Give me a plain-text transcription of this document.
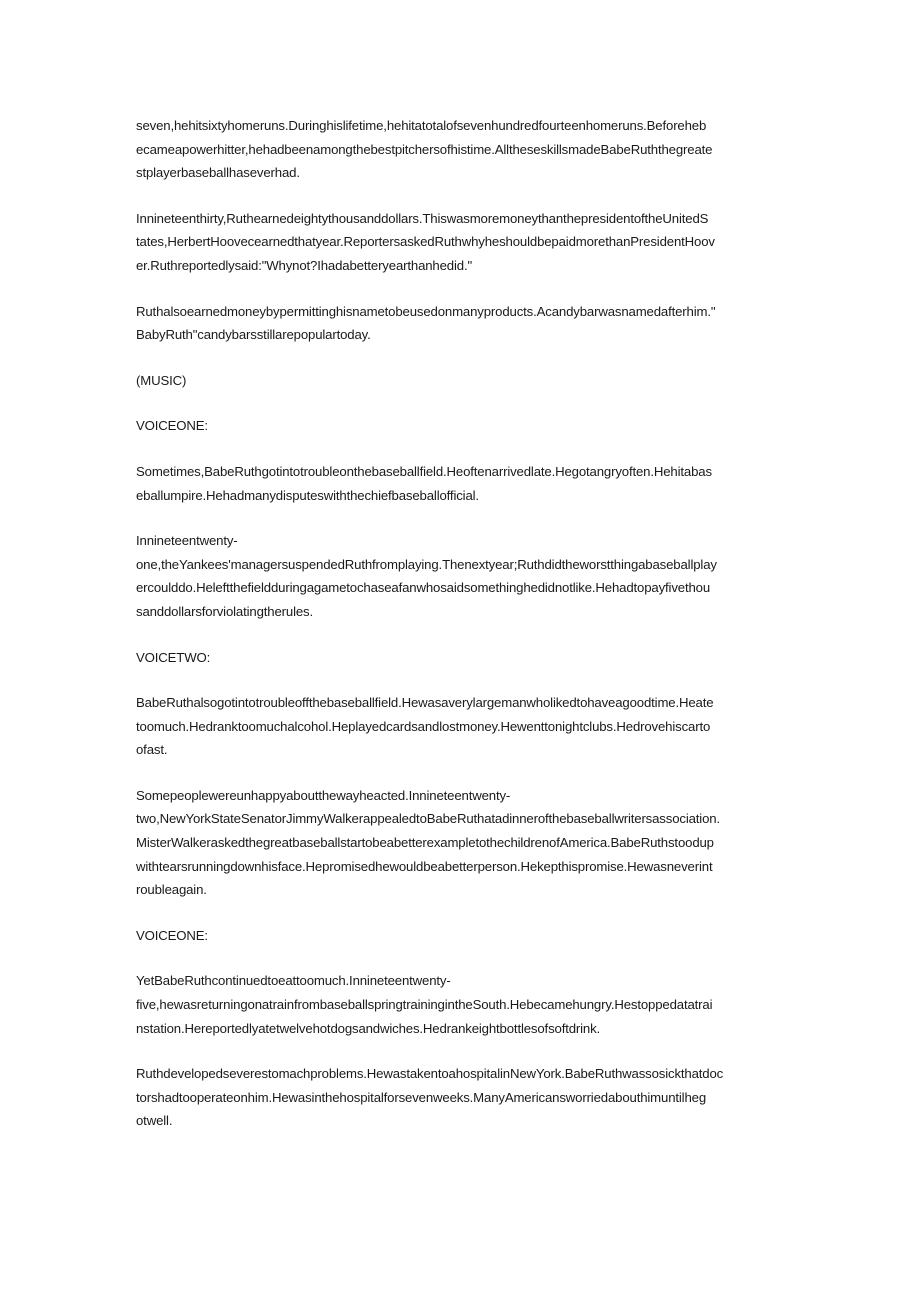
seven,hehitsixtyhomeruns.Duringhislifetime,hehitatotalofsevenhundredfourteenhomeruns.Beforeheb
ecameapowerhitter,hehadbeenamongthebestpitchersofhistime.AlltheseskillsmadeBabeRuththegreate
stplayerbaseballhaseverhad.

Innineteenthirty,Ruthearnedeightythousanddollars.ThiswasmoremoneythanthepresidentoftheUnitedS
tates,HerbertHoovecearnedthatyear.ReportersaskedRuthwhyheshouldbepaidmorethanPresidentHoov
er.Ruthreportedlysaid:"Whynot?Ihadabetteryearthanhedid."

Ruthalsoearnedmoneybypermittinghisnametobeusedonmanyproducts.Acandybarwasnamedafterhim."
BabyRuth"candybarsstillarepopulartoday.

(MUSIC)

VOICEONE:

Sometimes,BabeRuthgotintotroubleonthebaseballfield.Heoftenarrivedlate.Hegotangryoften.Hehitabas
eballumpire.Hehadmanydisputeswiththechiefbaseballofficial.

Innineteentwenty-
one,theYankees'managersuspendedRuthfromplaying.Thenextyear;Ruthdidtheworstthingabaseballplay
ercoulddo.Heleftthefieldduringagametochaseafanwhosaidsomethinghedidnotlike.Hehadtopayfivethou
sanddollarsforviolatingtherules.

VOICETWO:

BabeRuthalsogotintotroubleoffthebaseballfield.Hewasaverylargemanwholikedtohaveagoodtime.Heate
toomuch.Hedranktoomuchalcohol.Heplayedcardsandlostmoney.Hewenttonightclubs.Hedrovehiscarto
ofast.

Somepeoplewereunhappyaboutthewayheacted.Innineteentwenty-
two,NewYorkStateSenatorJimmyWalkerappealedtoBabeRuthatadinnerofthebaseballwritersassociation.
MisterWalkeraskedthegreatbaseballstartobeabetterexampletothechildrenofAmerica.BabeRuthstoodup
withtearsrunningdownhisface.Hepromisedhewouldbeabetterperson.Hekepthispromise.Hewasneverint
roubleagain.

VOICEONE:

YetBabeRuthcontinuedtoeattoomuch.Innineteentwenty-
five,hewasreturningonatrainfrombaseballspringtrainingintheSouth.Hebecamehungry.Hestoppedatatrai
nstation.Hereportedlyatetwelvehotdogsandwiches.Hedrankeightbottlesofsoftdrink.

Ruthdevelopedseverestomachproblems.HewastakentoahospitalinNewYork.BabeRuthwassosickthatdoc
torshadtooperateonhim.Hewasinthehospitalforsevenweeks.ManyAmericansworriedabouthimuntilheg
otwell.
